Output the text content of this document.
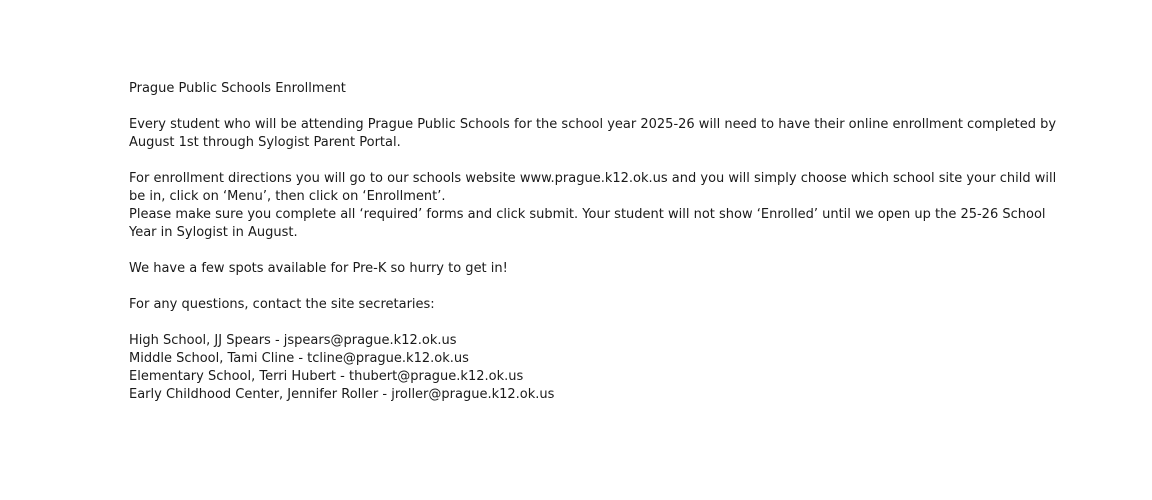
Prague Public Schools Enrollment

Every student who will be attending Prague Public Schools for the school year 2025-26 will need to have their online enrollment completed by August 1st through Sylogist Parent Portal.

For enrollment directions you will go to our schools website www.prague.k12.ok.us and you will simply choose which school site your child will be in, click on ‘Menu’, then click on ‘Enrollment’.

Please make sure you complete all ‘required’ forms and click submit. Your student will not show ‘Enrolled’ until we open up the 25-26 School Year in Sylogist in August.

We have a few spots available for Pre-K so hurry to get in!

For any questions, contact the site secretaries:

High School, JJ Spears - jspears@prague.k12.ok.us

Middle School, Tami Cline - tcline@prague.k12.ok.us

Elementary School, Terri Hubert - thubert@prague.k12.ok.us

Early Childhood Center, Jennifer Roller - jroller@prague.k12.ok.us
